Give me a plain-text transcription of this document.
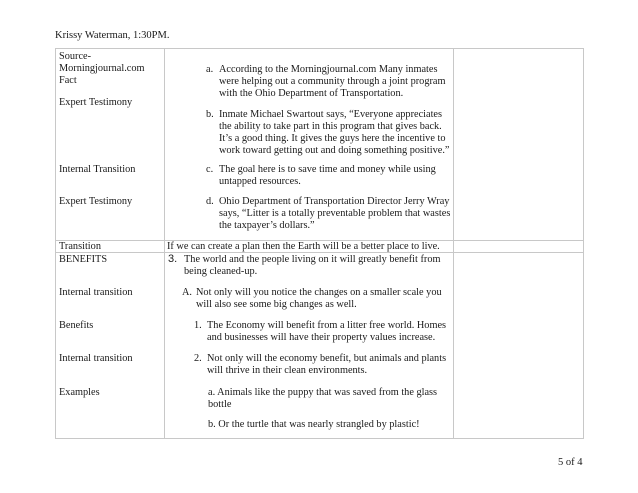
Krissy Waterman, 1:30PM.
Source-
Morningjournal.com
Fact
Expert Testimony
Internal Transition
Expert Testimony
Transition
BENEFITS
Internal transition
Benefits
Internal transition
Examples
a. According to the Morningjournal.com Many inmates were helping out a community through a joint program with the Ohio Department of Transportation.
b. Inmate Michael Swartout says, “Everyone appreciates the ability to take part in this program that gives back. It’s a good thing. It gives the guys here the incentive to work toward getting out and doing something positive.”
c. The goal here is to save time and money while using untapped resources.
d. Ohio Department of Transportation Director Jerry Wray says, “Litter is a totally preventable problem that wastes the taxpayer’s dollars.”
If we can create a plan then the Earth will be a better place to live.
3. The world and the people living on it will greatly benefit from being cleaned-up.
A. Not only will you notice the changes on a smaller scale you will also see some big changes as well.
1. The Economy will benefit from a litter free world. Homes and businesses will have their property values increase.
2. Not only will the economy benefit, but animals and plants will thrive in their clean environments.
a. Animals like the puppy that was saved from the glass bottle
b. Or the turtle that was nearly strangled by plastic!
5 of 4
